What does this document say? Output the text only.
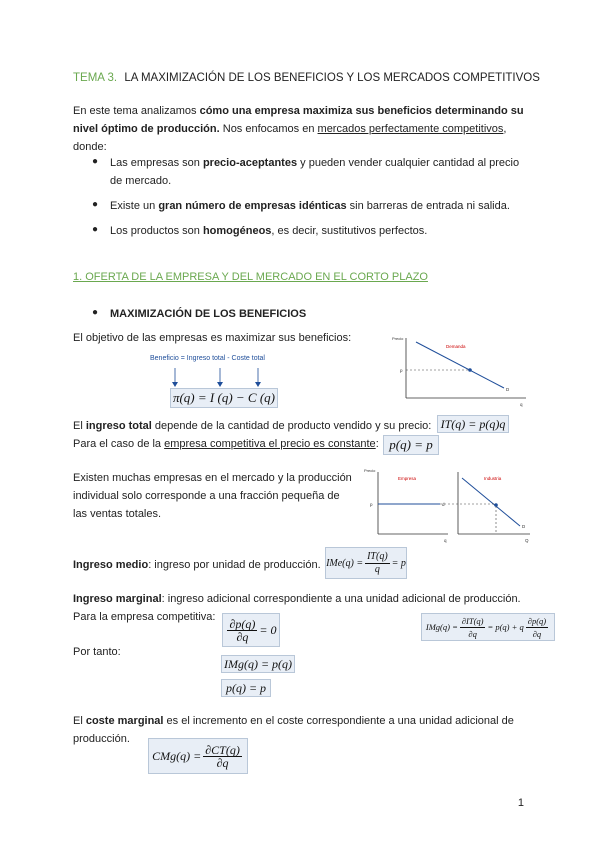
TEMA 3. LA MAXIMIZACIÓN DE LOS BENEFICIOS Y LOS MERCADOS COMPETITIVOS
En este tema analizamos cómo una empresa maximiza sus beneficios determinando su
nivel óptimo de producción. Nos enfocamos en mercados perfectamente competitivos,
donde:
● Las empresas son precio-aceptantes y pueden vender cualquier cantidad al precio
de mercado.
● Existe un gran número de empresas idénticas sin barreras de entrada ni salida.
● Los productos son homogéneos, es decir, sustitutivos perfectos.
1. OFERTA DE LA EMPRESA Y DEL MERCADO EN EL CORTO PLAZO
● MAXIMIZACIÓN DE LOS BENEFICIOS
El objetivo de las empresas es maximizar sus beneficios:
Beneficio = Ingreso total - Coste total
π(q) = I (q) − C (q)
Precio
Demanda
p
D
q
El ingreso total depende de la cantidad de producto vendido y su precio: IT(q) = p(q)q
Para el caso de la empresa competitiva el precio es constante: p(q) = p
Existen muchas empresas en el mercado y la producción
individual solo corresponde a una fracción pequeña de
las ventas totales.
Precio
Empresa
p	d
q
Industria
D
Q
Ingreso medio: ingreso por unidad de producción. $IMe(q) = \frac{IT(q)}{q} = p$
Ingreso marginal: ingreso adicional correspondiente a una unidad adicional de producción.
Para la empresa competitiva:
$\frac{\partial p(q)}{\partial q} = 0$	$IMg(q) = \frac{\partial IT(q)}{\partial q} = p(q) + q \frac{\partial p(q)}{\partial q}$
Por tanto:
IMg(q) = p(q)
p(q) = p
El coste marginal es el incremento en el coste correspondiente a una unidad adicional de
producción.
$CMg(q) = \frac{\partial CT(q)}{\partial q}$
1
